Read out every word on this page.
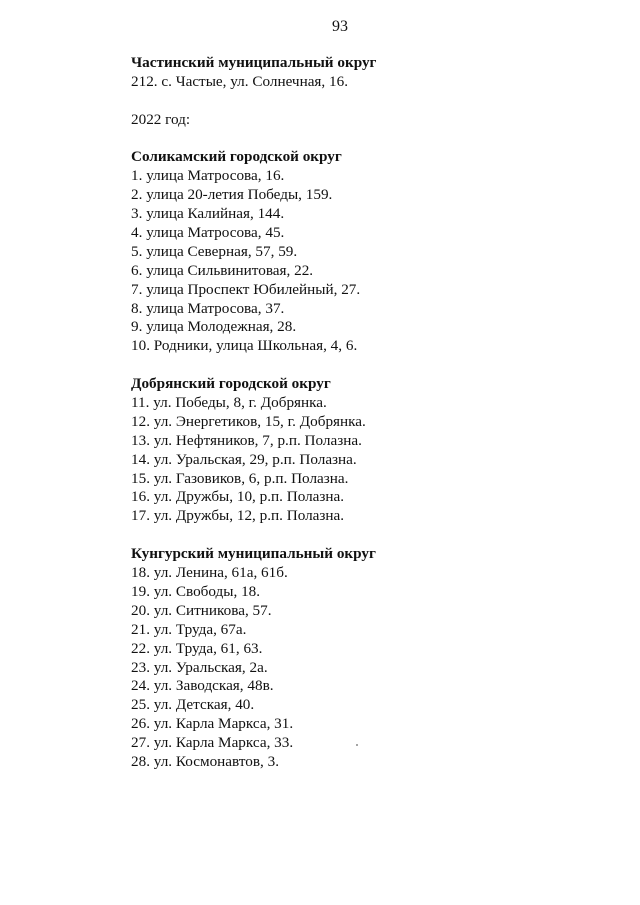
93
Частинский муниципальный округ
212. с. Частые, ул. Солнечная, 16.
2022 год:
Соликамский городской округ
1. улица Матросова, 16.
2. улица 20-летия Победы, 159.
3. улица Калийная, 144.
4. улица Матросова, 45.
5. улица Северная, 57, 59.
6. улица Сильвинитовая, 22.
7. улица Проспект Юбилейный, 27.
8. улица Матросова, 37.
9. улица Молодежная, 28.
10. Родники, улица Школьная, 4, 6.
Добрянский городской округ
11. ул. Победы, 8, г. Добрянка.
12. ул. Энергетиков, 15, г. Добрянка.
13. ул. Нефтяников, 7, р.п. Полазна.
14. ул. Уральская, 29, р.п. Полазна.
15. ул. Газовиков, 6, р.п. Полазна.
16. ул. Дружбы, 10, р.п. Полазна.
17. ул. Дружбы, 12, р.п. Полазна.
Кунгурский муниципальный округ
18. ул. Ленина, 61а, 61б.
19. ул. Свободы, 18.
20. ул. Ситникова, 57.
21. ул. Труда, 67а.
22. ул. Труда, 61, 63.
23. ул. Уральская, 2а.
24. ул. Заводская, 48в.
25. ул. Детская, 40.
26. ул. Карла Маркса, 31.
27. ул. Карла Маркса, 33.
28. ул. Космонавтов, 3.
